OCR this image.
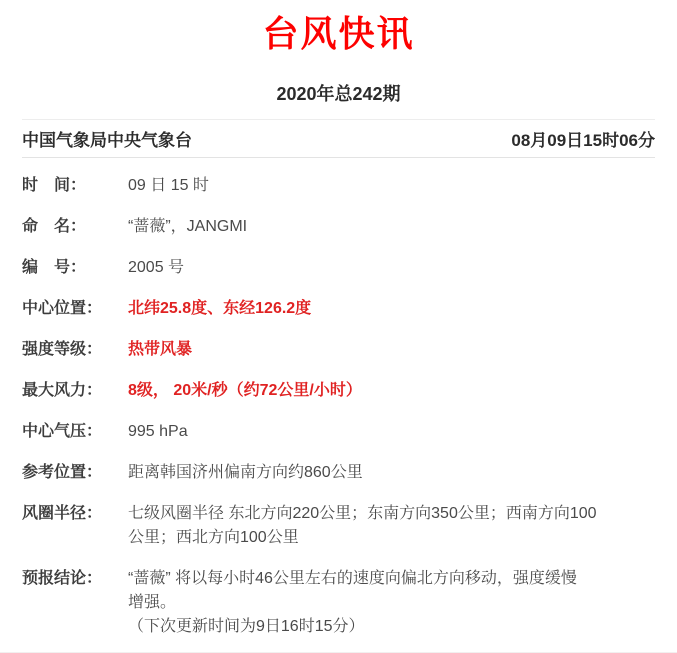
台风快讯
2020年总242期
中国气象局中央气象台	08月09日15时06分
时　间：	09 日 15 时
命　名：	“蔷薇”，JANGMI
编　号：	2005 号
中心位置：	北纬25.8度、东经126.2度
强度等级：	热带风暴
最大风力：	8级， 20米/秒（约72公里/小时）
中心气压：	995 hPa
参考位置：	距离韩国济州偏南方向约860公里
风圈半径：	七级风圈半径 东北方向220公里；东南方向350公里；西南方向100
公里；西北方向100公里
预报结论：	“蔷薇” 将以每小时46公里左右的速度向偏北方向移动，强度缓慢
增强。
（下次更新时间为9日16时15分）
